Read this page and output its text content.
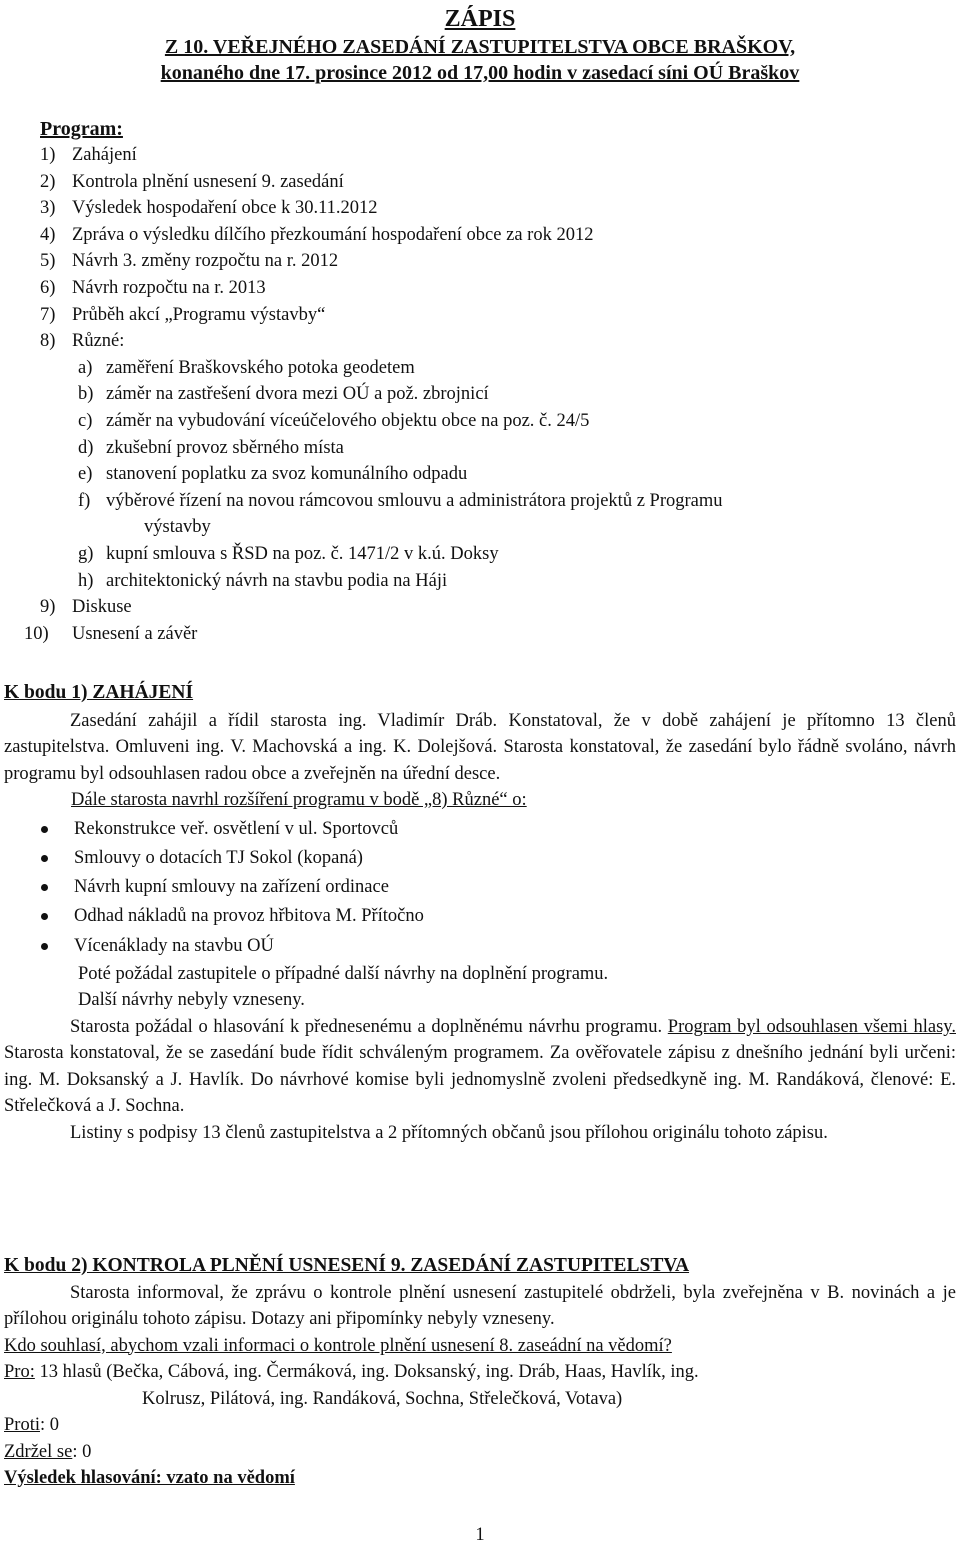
ZÁPIS
Z 10. VEŘEJNÉHO ZASEDÁNÍ ZASTUPITELSTVA OBCE BRAŠKOV,
konaného dne 17. prosince 2012 od 17,00 hodin v zasedací síni OÚ Braškov
Program:
1) Zahájení
2) Kontrola plnění usnesení 9. zasedání
3) Výsledek hospodaření obce k 30.11.2012
4) Zpráva o výsledku dílčího přezkoumání hospodaření obce za rok 2012
5) Návrh 3. změny rozpočtu na r. 2012
6) Návrh rozpočtu na r. 2013
7) Průběh akcí „Programu výstavby“
8) Různé:
a) zaměření Braškovského potoka geodetem
b) záměr na zastřešení dvora mezi OÚ a pož. zbrojnicí
c) záměr na vybudování víceúčelového objektu obce na poz. č. 24/5
d) zkušební provoz sběrného místa
e) stanovení poplatku za svoz komunálního odpadu
f) výběrové řízení na novou rámcovou smlouvu a administrátora projektů z Programu
výstavby
g) kupní smlouva s ŘSD na poz. č. 1471/2 v k.ú. Doksy
h) architektonický návrh na stavbu podia na Háji
9) Diskuse
10)	Usnesení a závěr
K bodu 1) ZAHÁJENÍ
Zasedání zahájil a řídil starosta ing. Vladimír Dráb. Konstatoval, že v době zahájení je přítomno 13 členů zastupitelstva. Omluveni ing. V. Machovská a ing. K. Dolejšová. Starosta konstatoval, že zasedání bylo řádně svoláno, návrh programu byl odsouhlasen radou obce a zveřejněn na úřední desce.
Dále starosta navrhl rozšíření programu v bodě „8) Různé“ o:
Rekonstrukce veř. osvětlení v ul. Sportovců
Smlouvy o dotacích TJ Sokol (kopaná)
Návrh kupní smlouvy na zařízení ordinace
Odhad nákladů na provoz hřbitova M. Přítočno
Vícenáklady na stavbu OÚ
Poté požádal zastupitele o případné další návrhy na doplnění programu.
Další návrhy nebyly vzneseny.
Starosta požádal o hlasování k přednesenému a doplněnému návrhu programu. Program byl odsouhlasen všemi hlasy. Starosta konstatoval, že se zasedání bude řídit schváleným programem. Za ověřovatele zápisu z dnešního jednání byli určeni: ing. M. Doksanský a J. Havlík. Do návrhové komise byli jednomyslně zvoleni předsedkyně ing. M. Randáková, členové: E. Střelečková a J. Sochna.
Listiny s podpisy 13 členů zastupitelstva a 2 přítomných občanů jsou přílohou originálu tohoto zápisu.
K bodu 2) KONTROLA PLNĚNÍ USNESENÍ 9. ZASEDÁNÍ ZASTUPITELSTVA
Starosta informoval, že zprávu o kontrole plnění usnesení zastupitelé obdrželi, byla zveřejněna v B. novinách a je přílohou originálu tohoto zápisu. Dotazy ani připomínky nebyly vzneseny.
Kdo souhlasí, abychom vzali informaci o kontrole plnění usnesení 8. zaseádní na vědomí?
Pro: 13 hlasů (Bečka, Cábová, ing. Čermáková, ing. Doksanský, ing. Dráb, Haas, Havlík, ing.
Kolrusz, Pilátová, ing. Randáková, Sochna, Střelečková, Votava)
Proti: 0
Zdržel se: 0
Výsledek hlasování: vzato na vědomí
1
